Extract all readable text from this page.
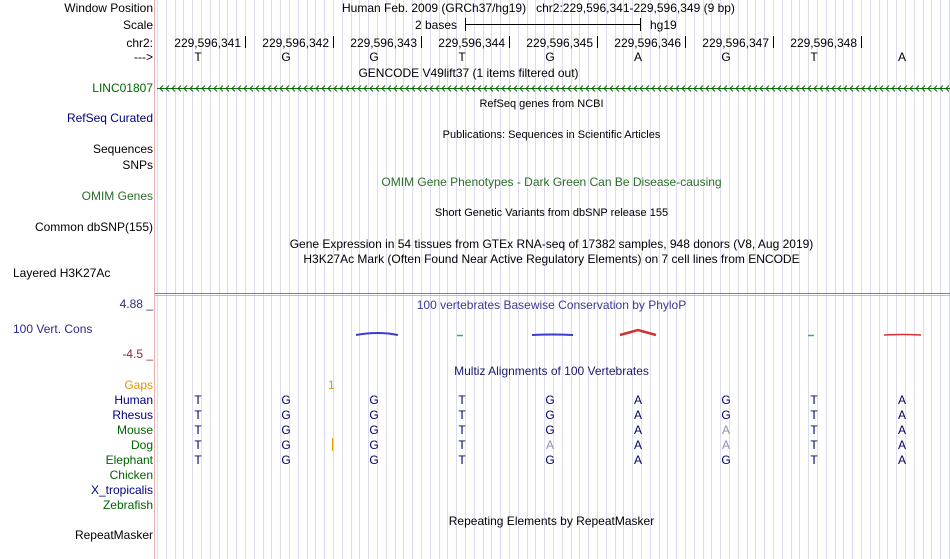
Window Position	Human Feb. 2009 (GRCh37/hg19)   chr2:229,596,341-229,596,349 (9 bp)
Scale	2 bases	hg19
chr2: 229,596,341 229,596,342 229,596,343 229,596,344 229,596,345 229,596,346 229,596,347 229,596,348
--->	T	G	G	T	G	A	G	T	A
GENCODE V49lift37 (1 items filtered out)
LINC01807
RefSeq genes from NCBI
RefSeq Curated
Publications: Sequences in Scientific Articles
Sequences
SNPs
OMIM Gene Phenotypes - Dark Green Can Be Disease-causing
OMIM Genes
Short Genetic Variants from dbSNP release 155
Common dbSNP(155)
Gene Expression in 54 tissues from GTEx RNA-seq of 17382 samples, 948 donors (V8, Aug 2019)
H3K27Ac Mark (Often Found Near Active Regulatory Elements) on 7 cell lines from ENCODE
Layered H3K27Ac
100 vertebrates Basewise Conservation by PhyloP
4.88 _
100 Vert. Cons
-4.5 _
Multiz Alignments of 100 Vertebrates
Gaps	1
Human	T	G	G	T	G	A	G	T	A
Rhesus	T	G	G	T	G	A	G	T	A
Mouse	T	G	G	T	G	A	A	T	A
Dog	T	G	G	T	A	A	A	T	A
Elephant	T	G	G	T	G	A	G	T	A
Chicken
X_tropicalis
Zebrafish
Repeating Elements by RepeatMasker
RepeatMasker
